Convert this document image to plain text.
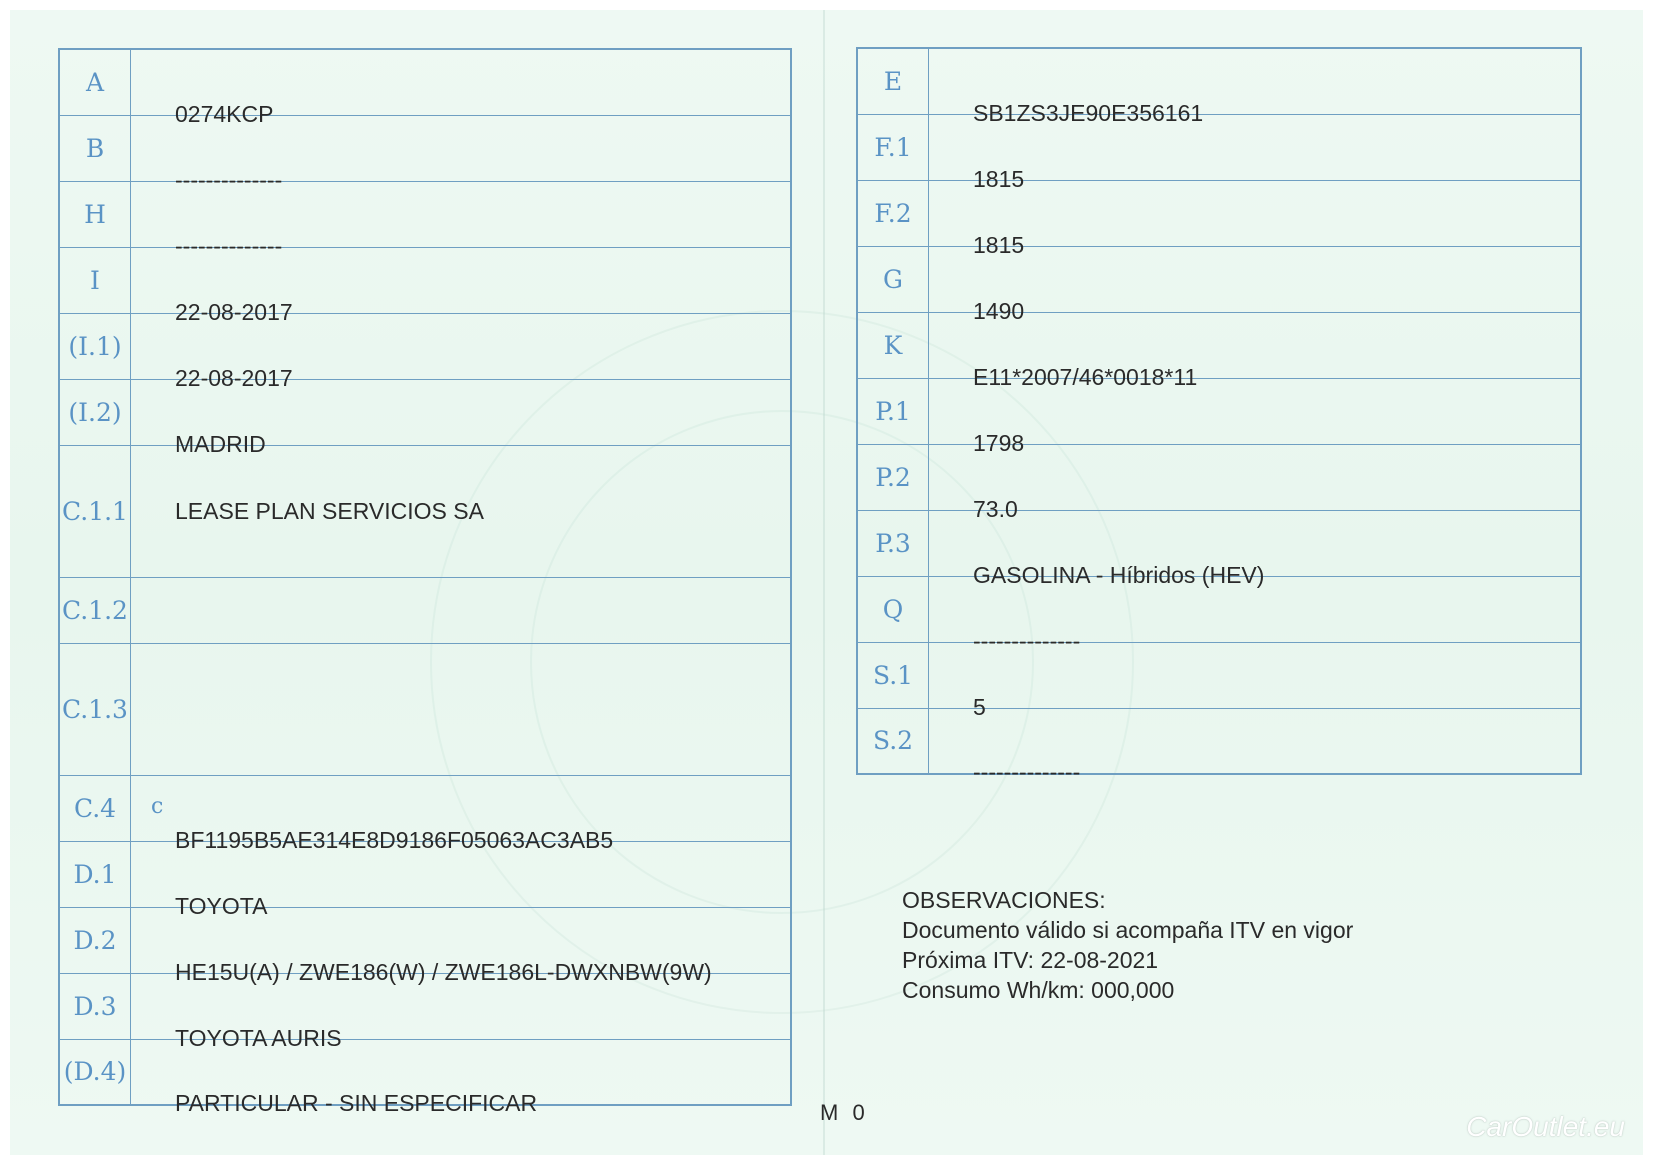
A	0274KCP

B	--------------

H	--------------

I	22-08-2017

(I.1)	22-08-2017

(I.2)	MADRID

C.1.1	LEASE PLAN SERVICIOS SA

C.1.2	

C.1.3	

C.4	c
BF1195B5AE314E8D9186F05063AC3AB5

D.1	TOYOTA

D.2	HE15U(A) / ZWE186(W) / ZWE186L-DWXNBW(9W)

D.3	TOYOTA AURIS

(D.4)	PARTICULAR - SIN ESPECIFICAR
E	SB1ZS3JE90E356161

F.1	1815

F.2	1815

G	1490

K	E11*2007/46*0018*11

P.1	1798

P.2	73.0

P.3	GASOLINA - Híbridos (HEV)

Q	--------------

S.1	5

S.2	--------------
OBSERVACIONES:
Documento válido si acompaña ITV en vigor
Próxima ITV: 22-08-2021
Consumo Wh/km: 000,000
M 0	CarOutlet.eu
